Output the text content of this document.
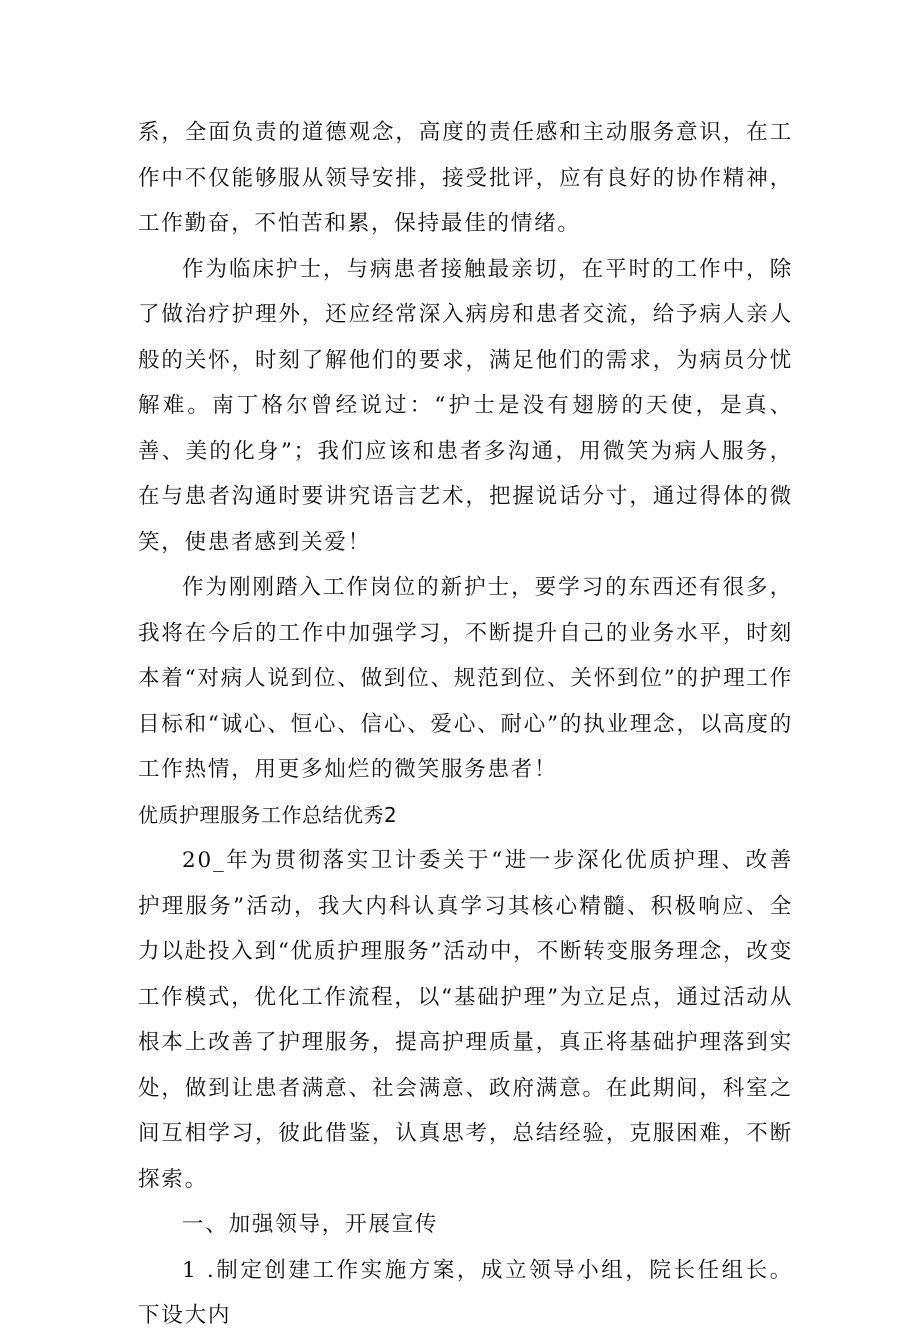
系，全面负责的道德观念，高度的责任感和主动服务意识，在工作中不仅能够服从领导安排，接受批评，应有良好的协作精神，工作勤奋，不怕苦和累，保持最佳的情绪。

作为临床护士，与病患者接触最亲切，在平时的工作中，除了做治疗护理外，还应经常深入病房和患者交流，给予病人亲人般的关怀，时刻了解他们的要求，满足他们的需求，为病员分忧解难。南丁格尔曾经说过：“护士是没有翅膀的天使，是真、善、美的化身”；我们应该和患者多沟通，用微笑为病人服务，在与患者沟通时要讲究语言艺术，把握说话分寸，通过得体的微笑，使患者感到关爱！

作为刚刚踏入工作岗位的新护士，要学习的东西还有很多，我将在今后的工作中加强学习，不断提升自己的业务水平，时刻本着“对病人说到位、做到位、规范到位、关怀到位”的护理工作目标和“诚心、恒心、信心、爱心、耐心”的执业理念，以高度的工作热情，用更多灿烂的微笑服务患者！

优质护理服务工作总结优秀2

20_年为贯彻落实卫计委关于“进一步深化优质护理、改善护理服务”活动，我大内科认真学习其核心精髓、积极响应、全力以赴投入到“优质护理服务”活动中，不断转变服务理念，改变工作模式，优化工作流程，以“基础护理”为立足点，通过活动从根本上改善了护理服务，提高护理质量，真正将基础护理落到实处，做到让患者满意、社会满意、政府满意。在此期间，科室之间互相学习，彼此借鉴，认真思考，总结经验，克服困难，不断探索。

一、加强领导，开展宣传

1 .制定创建工作实施方案，成立领导小组，院长任组长。下设大内
